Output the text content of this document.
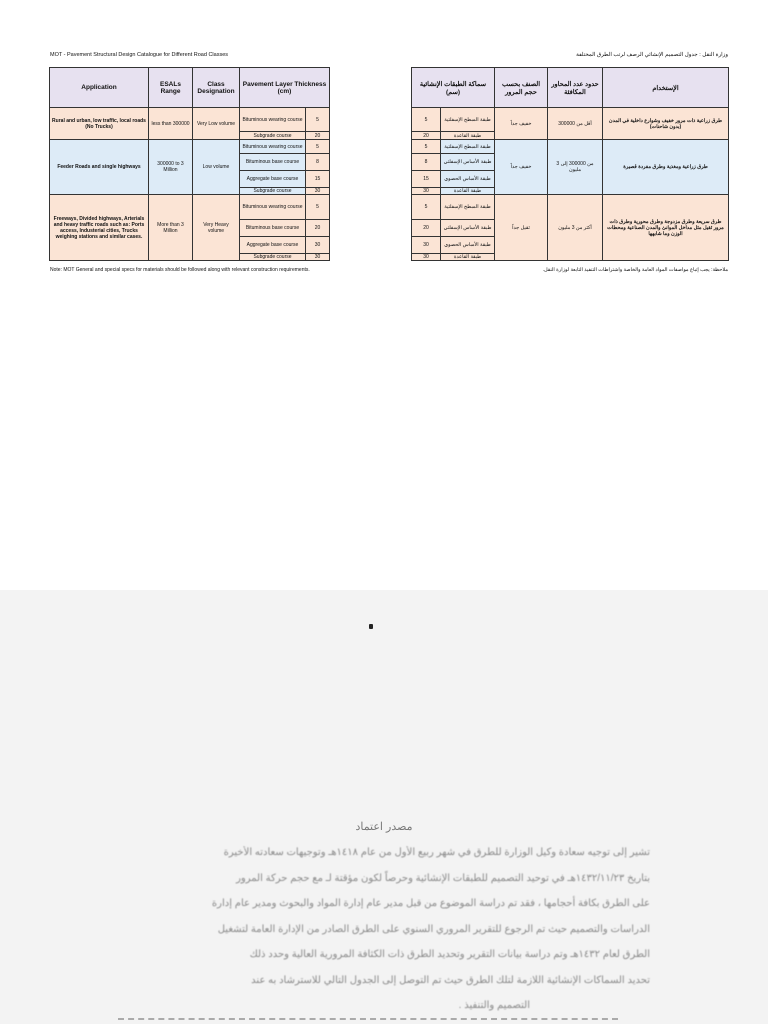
MOT - Pavement Structural Design Catalogue for Different Road Classes	وزارة النقل : جدول التصميم الإنشائي الرصف لرتب الطرق المختلفة
Application	ESALs Range	Class Designation	Pavement Layer Thickness (cm)	
Rural and urban, low traffic, local roads (No Trucks)	less than 300000	Very Low volume	Bituminous wearing course	5
			Subgrade course	20
Feeder Roads and single highways	300000 to 3 Million	Low volume	Bituminous wearing course	5
			Bituminous base course	8
			Aggregate base course	15
			Subgrade course	30
Freeways, Divided highways, Arterials and heavy traffic roads such as: Ports access, Industerial cities, Trucks weighing stations and similar cases.	More than 3 Million	Very Heavy volume	Bituminous wearing course	5
			Bituminous base course	20
			Aggregate base course	30
			Subgrade course	30
الإستخدام	حدود عدد المحاور المكافئة	الصنف بحسب حجم المرور	سماكة الطبقات الإنشائية (سم)	
طرق زراعية ذات مرور خفيف وشوارع داخلية في المدن (بدون شاحنات)	أقل من 300000	خفيف جداً	طبقة السطح الإسفلتية	5
			طبقة القاعدة	20
طرق زراعية ومغذية وطرق مفردة قصيرة	من 300000 إلى 3 مليون	خفيف جداً	طبقة السطح الإسفلتية	5
			طبقة الأساس الإسفلتي	8
			طبقة الأساس الحصوي	15
			طبقة القاعدة	30
طرق سريعة وطرق مزدوجة وطرق محورية وطرق ذات مرور ثقيل مثل مداخل الموانئ والمدن الصناعية ومحطات الوزن وما شابهها	أكثر من 3 مليون	ثقيل جداً	طبقة السطح الإسفلتية	5
			طبقة الأساس الإسفلتي	20
			طبقة الأساس الحصوي	30
			طبقة القاعدة	30
Note: MOT General and special specs for materials should be followed along with relevant construction requirements.	ملاحظة: يجب إتباع مواصفات المواد العامة والخاصة واشتراطات التنفيذ التابعة لوزارة النقل.
مصدر اعتماد
تشير إلى توجيه سعادة وكيل الوزارة للطرق في شهر ربيع الأول من عام ١٤١٨هـ وتوجيهات سعادته الأخيرة
بتاريخ ١٤٣٢/١١/٢٣هـ في توحيد التصميم للطبقات الإنشائية وحرصاً لكون مؤقتة لـ مع حجم حركة المرور
على الطرق بكافة أحجامها ، فقد تم دراسة الموضوع من قبل مدير عام إدارة المواد والبحوث ومدير عام إدارة
الدراسات والتصميم حيث تم الرجوع للتقرير المروري السنوي على الطرق الصادر من الإدارة العامة لتشغيل
الطرق لعام ١٤٣٢هـ وتم دراسة بيانات التقرير وتحديد الطرق ذات الكثافة المرورية العالية وحدد ذلك
تحديد السماكات الإنشائية اللازمة لتلك الطرق حيث تم التوصل إلى الجدول التالي للاسترشاد به عند
التصميم والتنفيذ .
